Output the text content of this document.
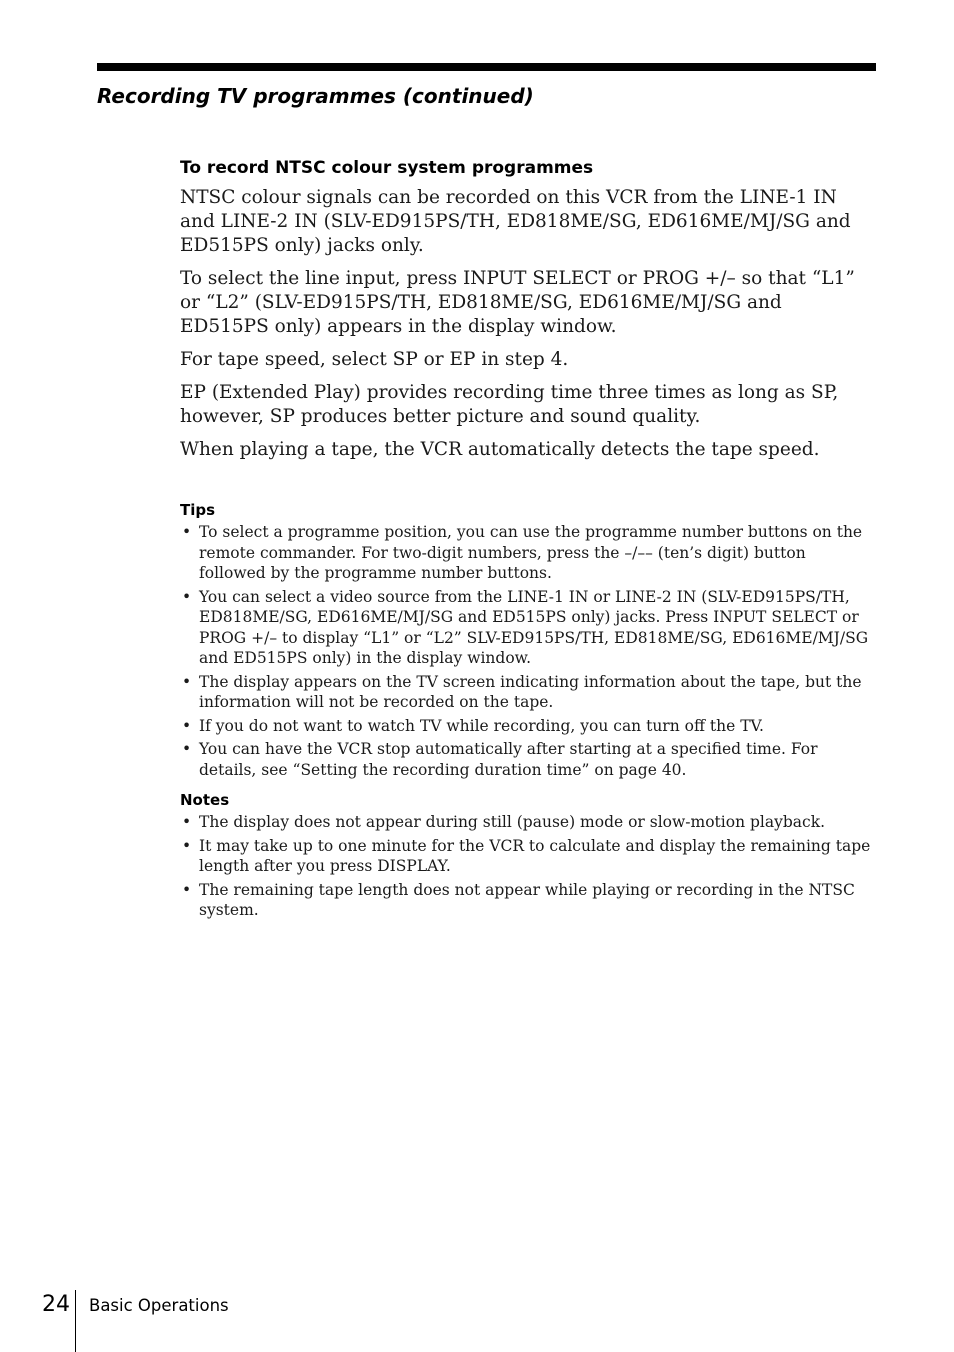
Recording TV programmes (continued)
To record NTSC colour system programmes

NTSC colour signals can be recorded on this VCR from the LINE-1 IN and LINE-2 IN (SLV-ED915PS/TH, ED818ME/SG, ED616ME/MJ/SG and ED515PS only) jacks only.

To select the line input, press INPUT SELECT or PROG +/– so that “L1” or “L2” (SLV-ED915PS/TH, ED818ME/SG, ED616ME/MJ/SG and ED515PS only) appears in the display window.

For tape speed, select SP or EP in step 4.

EP (Extended Play) provides recording time three times as long as SP, however, SP produces better picture and sound quality.

When playing a tape, the VCR automatically detects the tape speed.

Tips
• To select a programme position, you can use the programme number buttons on the remote commander. For two-digit numbers, press the –/–– (ten’s digit) button followed by the programme number buttons.
• You can select a video source from the LINE-1 IN or LINE-2 IN (SLV-ED915PS/TH, ED818ME/SG, ED616ME/MJ/SG and ED515PS only) jacks. Press INPUT SELECT or PROG +/– to display “L1” or “L2” SLV-ED915PS/TH, ED818ME/SG, ED616ME/MJ/SG and ED515PS only) in the display window.
• The display appears on the TV screen indicating information about the tape, but the information will not be recorded on the tape.
• If you do not want to watch TV while recording, you can turn off the TV.
• You can have the VCR stop automatically after starting at a specified time. For details, see “Setting the recording duration time” on page 40.
Notes
• The display does not appear during still (pause) mode or slow-motion playback.
• It may take up to one minute for the VCR to calculate and display the remaining tape length after you press DISPLAY.
• The remaining tape length does not appear while playing or recording in the NTSC system.
24 Basic Operations
